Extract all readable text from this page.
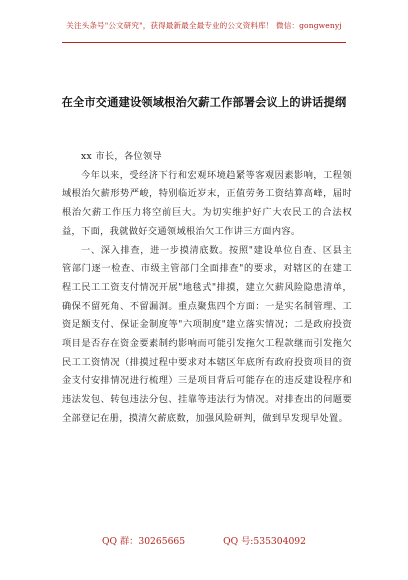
关注头条号"公文研究"，获得最新最全最专业的公文资料库！ 微信：gongwenyj
在全市交通建设领域根治欠薪工作部署会议上的讲话提纲

xx 市长，各位领导

今年以来，受经济下行和宏观环境趋紧等客观因素影响，工程领域根治欠薪形势严峻，特别临近岁末，正值劳务工资结算高峰，届时根治欠薪工作压力将空前巨大。为切实维护好广大农民工的合法权益，下面，我就做好交通领域根治欠工作讲三方面内容。

一、深入排查，进一步摸清底数。按照"建设单位自查、区县主管部门逐一检查、市级主管部门全面排查"的要求，对辖区的在建工程工民工工资支付情况开展"地毯式"排摸，建立欠薪风险隐患清单，确保不留死角、不留漏洞。重点聚焦四个方面：一是实名制管理、工资足额支付、保证金制度等"六项制度"建立落实情况；二是政府投资项目是否存在资金要素制约影响而可能引发拖欠工程款继而引发拖欠民工工资情况（排摸过程中要求对本辖区年底所有政府投资项目的资金支付安排情况进行梳理）三是项目背后可能存在的违反建设程序和违法发包、转包违法分包、挂靠等违法行为情况。对排查出的问题要全部登记在册，摸清欠薪底数，加强风险研判，做到早发现早处置。

QQ 群：30265665	QQ 号:535304092
